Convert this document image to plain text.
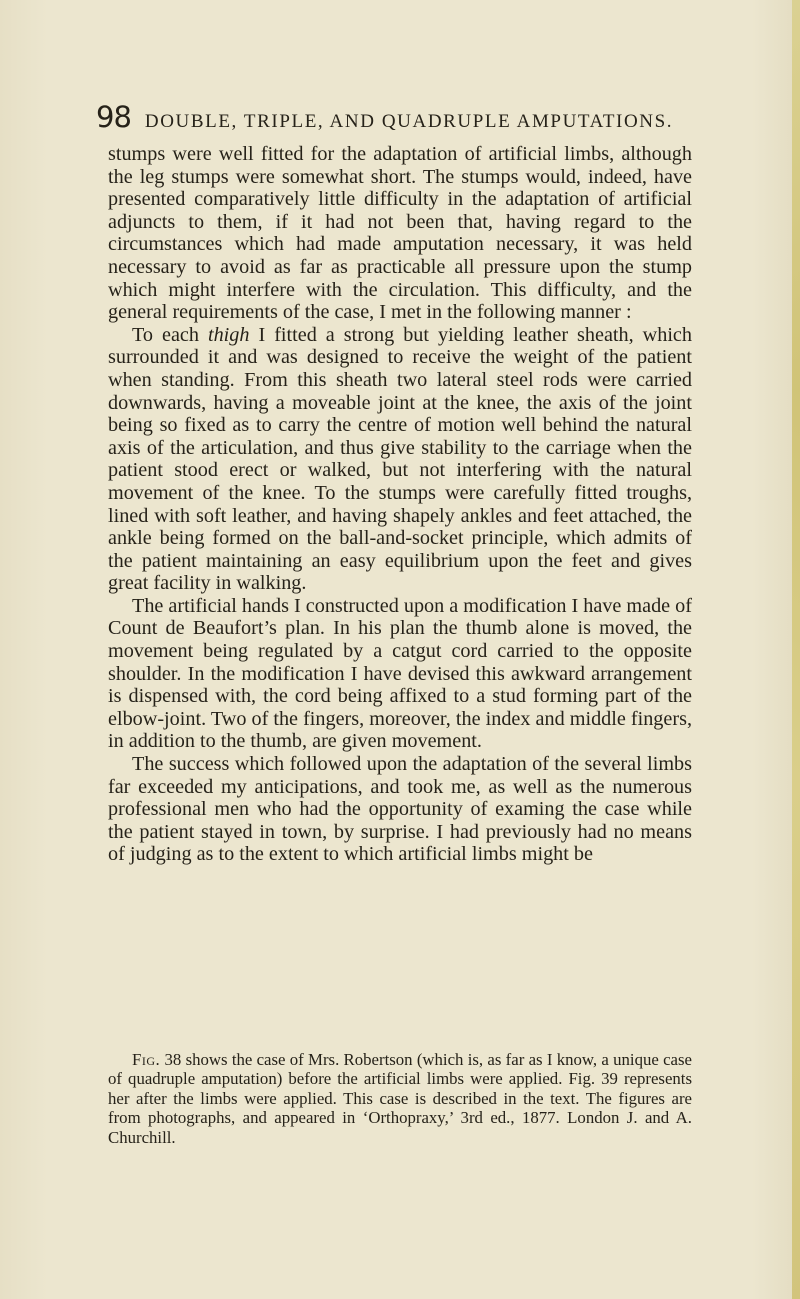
98 DOUBLE, TRIPLE, AND QUADRUPLE AMPUTATIONS.

stumps were well fitted for the adaptation of artificial limbs, although the leg stumps were somewhat short. The stumps would, indeed, have presented comparatively little difficulty in the adaptation of artificial adjuncts to them, if it had not been that, having regard to the circumstances which had made amputation necessary, it was held necessary to avoid as far as practicable all pressure upon the stump which might interfere with the circulation. This difficulty, and the general requirements of the case, I met in the following manner :

To each thigh I fitted a strong but yielding leather sheath, which surrounded it and was designed to receive the weight of the patient when standing. From this sheath two lateral steel rods were carried downwards, having a moveable joint at the knee, the axis of the joint being so fixed as to carry the centre of motion well behind the natural axis of the articulation, and thus give stability to the carriage when the patient stood erect or walked, but not interfering with the natural movement of the knee. To the stumps were carefully fitted troughs, lined with soft leather, and having shapely ankles and feet attached, the ankle being formed on the ball-and-socket principle, which admits of the patient maintaining an easy equilibrium upon the feet and gives great facility in walking.

The artificial hands I constructed upon a modification I have made of Count de Beaufort’s plan. In his plan the thumb alone is moved, the movement being regulated by a catgut cord carried to the opposite shoulder. In the modification I have devised this awkward arrangement is dispensed with, the cord being affixed to a stud forming part of the elbow-joint. Two of the fingers, moreover, the index and middle fingers, in addition to the thumb, are given movement.

The success which followed upon the adaptation of the several limbs far exceeded my anticipations, and took me, as well as the numerous professional men who had the opportunity of examing the case while the patient stayed in town, by surprise. I had previously had no means of judging as to the extent to which artificial limbs might be

Fig. 38 shows the case of Mrs. Robertson (which is, as far as I know, a unique case of quadruple amputation) before the artificial limbs were applied. Fig. 39 represents her after the limbs were applied. This case is described in the text. The figures are from photographs, and appeared in ‘Orthopraxy,’ 3rd ed., 1877. London J. and A. Churchill.
